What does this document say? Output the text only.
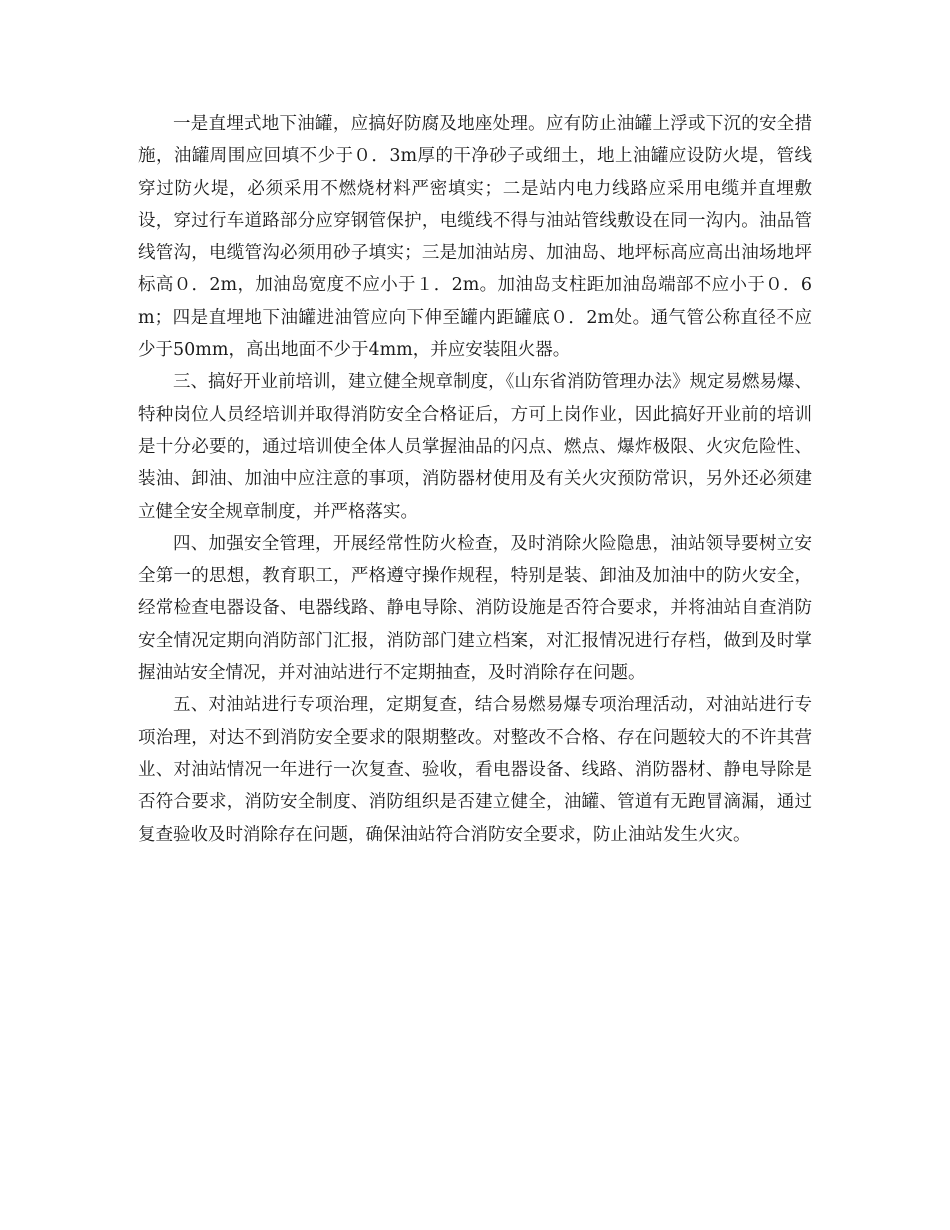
一是直埋式地下油罐，应搞好防腐及地座处理。应有防止油罐上浮或下沉的安全措施，油罐周围应回填不少于０．3m厚的干净砂子或细土，地上油罐应设防火堤，管线穿过防火堤，必须采用不燃烧材料严密填实；二是站内电力线路应采用电缆并直埋敷设，穿过行车道路部分应穿钢管保护，电缆线不得与油站管线敷设在同一沟内。油品管线管沟，电缆管沟必须用砂子填实；三是加油站房、加油岛、地坪标高应高出油场地坪标高０．2m，加油岛宽度不应小于１．2m。加油岛支柱距加油岛端部不应小于０．6m；四是直埋地下油罐进油管应向下伸至罐内距罐底０．2m处。通气管公称直径不应少于50mm，高出地面不少于4mm，并应安装阻火器。

三、搞好开业前培训，建立健全规章制度，《山东省消防管理办法》规定易燃易爆、特种岗位人员经培训并取得消防安全合格证后，方可上岗作业，因此搞好开业前的培训是十分必要的，通过培训使全体人员掌握油品的闪点、燃点、爆炸极限、火灾危险性、装油、卸油、加油中应注意的事项，消防器材使用及有关火灾预防常识，另外还必须建立健全安全规章制度，并严格落实。

四、加强安全管理，开展经常性防火检查，及时消除火险隐患，油站领导要树立安全第一的思想，教育职工，严格遵守操作规程，特别是装、卸油及加油中的防火安全，经常检查电器设备、电器线路、静电导除、消防设施是否符合要求，并将油站自查消防安全情况定期向消防部门汇报，消防部门建立档案，对汇报情况进行存档，做到及时掌握油站安全情况，并对油站进行不定期抽查，及时消除存在问题。

五、对油站进行专项治理，定期复查，结合易燃易爆专项治理活动，对油站进行专项治理，对达不到消防安全要求的限期整改。对整改不合格、存在问题较大的不许其营业、对油站情况一年进行一次复查、验收，看电器设备、线路、消防器材、静电导除是否符合要求，消防安全制度、消防组织是否建立健全，油罐、管道有无跑冒滴漏，通过复查验收及时消除存在问题，确保油站符合消防安全要求，防止油站发生火灾。
